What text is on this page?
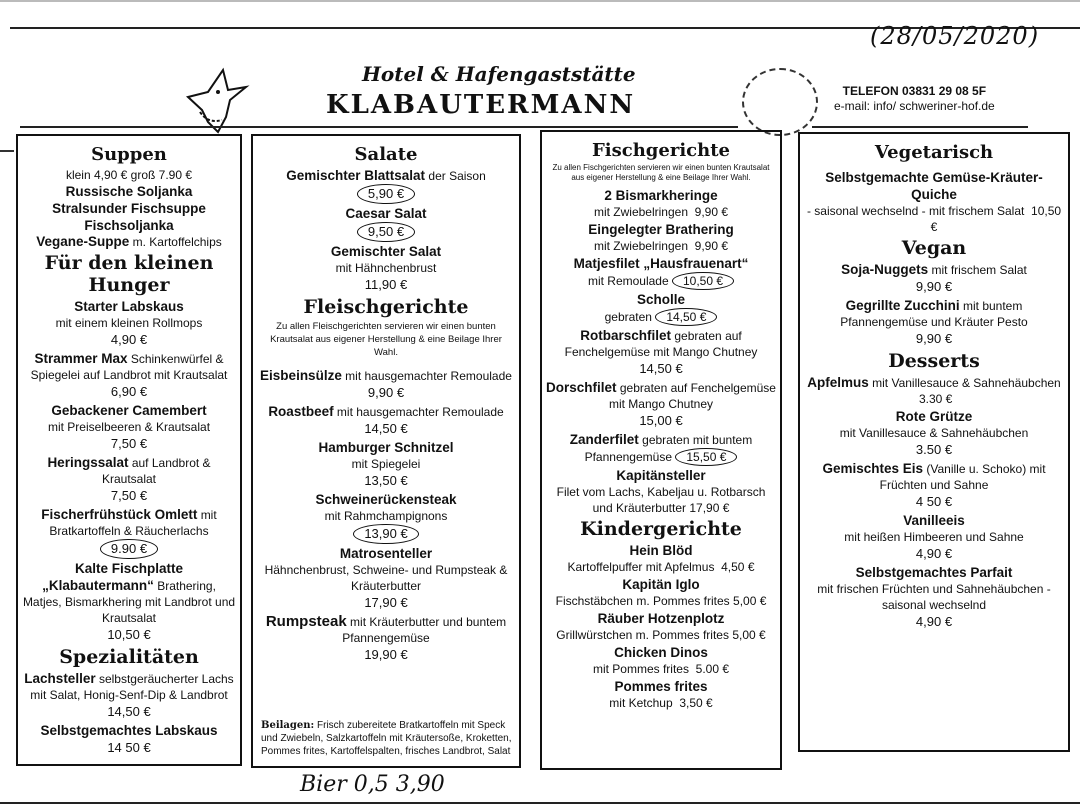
(28/05/2020)
Hotel & Hafengaststätte
KLABAUTERMANN	TELEFON 03831 29 08 5F
e-mail: info/ schweriner-hof.de
Suppen
klein 4,90 € groß 7.90 €
Russische Soljanka
Stralsunder Fischsuppe
Fischsoljanka
Vegane-Suppe m. Kartoffelchips
Für den kleinen Hunger
Starter Labskaus
mit einem kleinen Rollmops
4,90 €
Strammer Max Schinkenwürfel & Spiegelei auf Landbrot mit Krautsalat
6,90 €
Gebackener Camembert
mit Preiselbeeren & Krautsalat
7,50 €
Heringssalat auf Landbrot & Krautsalat
7,50 €
Fischerfrühstück Omlett mit Bratkartoffeln & Räucherlachs
9.90 €
Kalte Fischplatte „Klabautermann“ Brathering, Matjes, Bismarkhering mit Landbrot und Krautsalat
10,50 €
Spezialitäten
Lachsteller selbstgeräucherter Lachs mit Salat, Honig-Senf-Dip & Landbrot
14,50 €
Selbstgemachtes Labskaus
14 50 €
Salate
Gemischter Blattsalat der Saison
5,90 €
Caesar Salat
9,50 €
Gemischter Salat
mit Hähnchenbrust
11,90 €
Fleischgerichte
Zu allen Fleischgerichten servieren wir einen bunten Krautsalat aus eigener Herstellung & eine Beilage Ihrer Wahl.
Eisbeinsülze mit hausgemachter Remoulade
9,90 €
Roastbeef mit hausgemachter Remoulade
14,50 €
Hamburger Schnitzel
mit Spiegelei
13,50 €
Schweinerückensteak
mit Rahmchampignons
13,90 €
Matrosenteller
Hähnchenbrust, Schweine- und Rumpsteak & Kräuterbutter
17,90 €
Rumpsteak mit Kräuterbutter und buntem Pfannengemüse
19,90 €
Beilagen: Frisch zubereitete Bratkartoffeln mit Speck und Zwiebeln, Salzkartoffeln mit Kräutersoße, Kroketten, Pommes frites, Kartoffelspalten, frisches Landbrot, Salat
Fischgerichte
Zu allen Fischgerichten servieren wir einen bunten Krautsalat aus eigener Herstellung & eine Beilage Ihrer Wahl.
2 Bismarkheringe
mit Zwiebelringen 9,90 €
Eingelegter Brathering
mit Zwiebelringen 9,90 €
Matjesfilet „Hausfrauenart“
mit Remoulade 10,50 €
Scholle
gebraten 14,50 €
Rotbarschfilet gebraten auf Fenchelgemüse mit Mango Chutney
14,50 €
Dorschfilet gebraten auf Fenchelgemüse mit Mango Chutney
15,00 €
Zanderfilet gebraten mit buntem Pfannengemüse 15,50 €
Kapitänsteller
Filet vom Lachs, Kabeljau u. Rotbarsch und Kräuterbutter 17,90 €
Kindergerichte
Hein Blöd
Kartoffelpuffer mit Apfelmus 4,50 €
Kapitän Iglo
Fischstäbchen m. Pommes frites 5,00 €
Räuber Hotzenplotz
Grillwürstchen m. Pommes frites 5,00 €
Chicken Dinos
mit Pommes frites 5.00 €
Pommes frites
mit Ketchup 3,50 €
Vegetarisch
Selbstgemachte Gemüse-Kräuter-Quiche
- saisonal wechselnd - mit frischem Salat 10,50 €
Vegan
Soja-Nuggets mit frischem Salat
9,90 €
Gegrillte Zucchini mit buntem Pfannengemüse und Kräuter Pesto
9,90 €
Desserts
Apfelmus mit Vanillesauce & Sahnehäubchen  3.30 €
Rote Grütze
mit Vanillesauce & Sahnehäubchen
3.50 €
Gemischtes Eis (Vanille u. Schoko) mit Früchten und Sahne
4 50 €
Vanilleeis
mit heißen Himbeeren und Sahne
4,90 €
Selbstgemachtes Parfait
mit frischen Früchten und Sahnehäubchen - saisonal wechselnd
4,90 €
Bier 0,5 3,90
